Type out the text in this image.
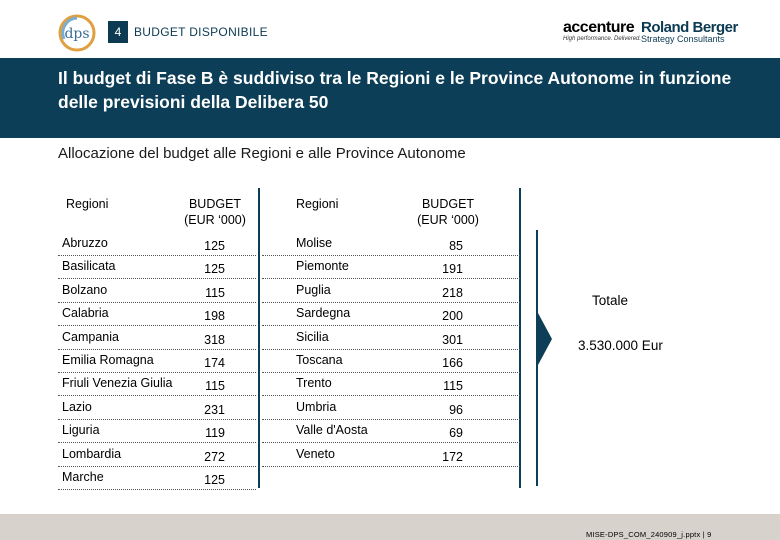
dps	4	BUDGET DISPONIBILE	accenture
High performance. Delivered.
Roland Berger
Strategy Consultants
Il budget di Fase B è suddiviso tra le Regioni e le Province Autonome in funzione delle previsioni della Delibera 50
Allocazione del budget alle Regioni e alle Province Autonome
Regioni	BUDGET
(EUR ‘000)
Regioni	BUDGET
(EUR ‘000)
Abruzzo	125
Basilicata	125
Bolzano	115
Calabria	198
Campania	318
Emilia Romagna	174
Friuli Venezia Giulia	115
Lazio	231
Liguria	119
Lombardia	272
Marche	125
Molise	85
Piemonte	191
Puglia	218
Sardegna	200
Sicilia	301
Toscana	166
Trento	115
Umbria	96
Valle d'Aosta	69
Veneto	172
Totale
3.530.000 Eur
MISE-DPS_COM_240909_j.pptx | 9
